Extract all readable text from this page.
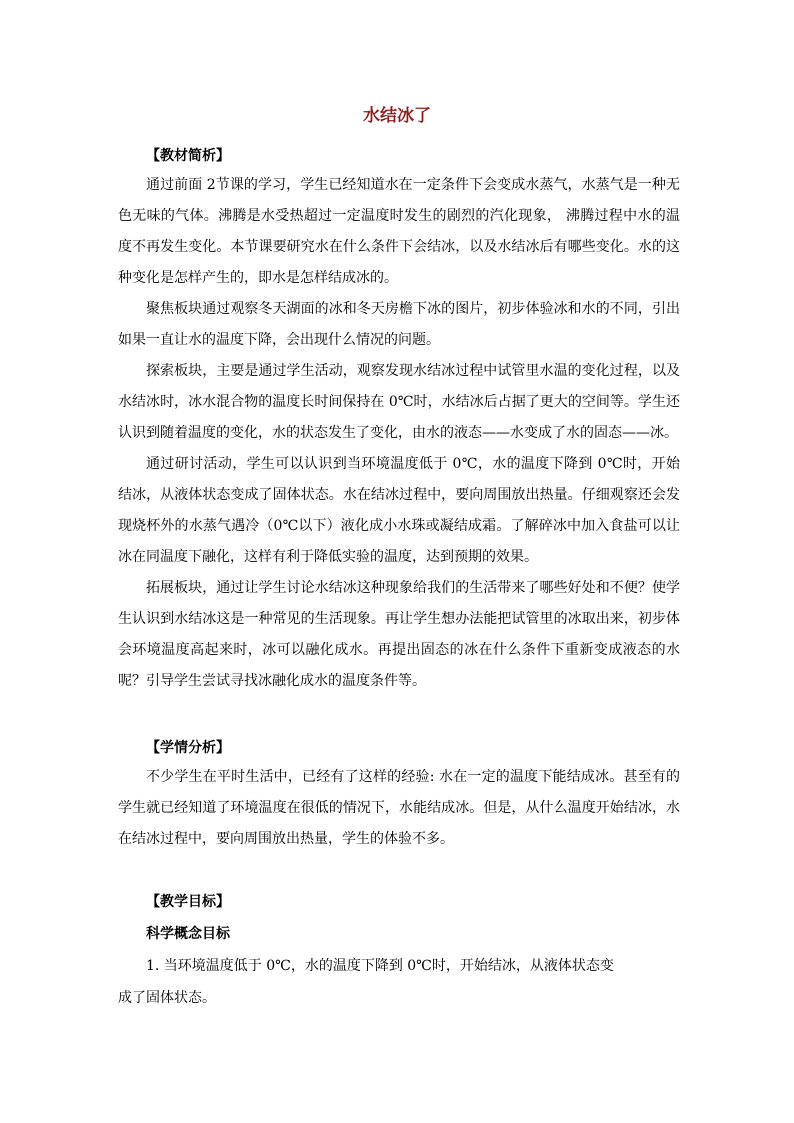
水结冰了
【教材简析】
通过前面 2节课的学习，学生已经知道水在一定条件下会变成水蒸气，水蒸气是一种无色无味的气体。沸腾是水受热超过一定温度时发生的剧烈的汽化现象， 沸腾过程中水的温度不再发生变化。本节课要研究水在什么条件下会结冰，以及水结冰后有哪些变化。水的这种变化是怎样产生的，即水是怎样结成冰的。
聚焦板块通过观察冬天湖面的冰和冬天房檐下冰的图片，初步体验冰和水的不同，引出如果一直让水的温度下降，会出现什么情况的问题。
探索板块，主要是通过学生活动，观察发现水结冰过程中试管里水温的变化过程，以及水结冰时，冰水混合物的温度长时间保持在 0℃时，水结冰后占据了更大的空间等。学生还认识到随着温度的变化，水的状态发生了变化，由水的液态——水变成了水的固态——冰。
通过研讨活动，学生可以认识到当环境温度低于 0℃，水的温度下降到 0℃时，开始结冰，从液体状态变成了固体状态。水在结冰过程中，要向周围放出热量。仔细观察还会发现烧杯外的水蒸气遇冷（0℃以下）液化成小水珠或凝结成霜。了解碎冰中加入食盐可以让冰在同温度下融化，这样有利于降低实验的温度，达到预期的效果。
拓展板块，通过让学生讨论水结冰这种现象给我们的生活带来了哪些好处和不便？使学生认识到水结冰这是一种常见的生活现象。再让学生想办法能把试管里的冰取出来，初步体会环境温度高起来时，冰可以融化成水。再提出固态的冰在什么条件下重新变成液态的水呢？引导学生尝试寻找冰融化成水的温度条件等。
【学情分析】
不少学生在平时生活中，已经有了这样的经验: 水在一定的温度下能结成冰。甚至有的学生就已经知道了环境温度在很低的情况下，水能结成冰。但是，从什么温度开始结冰，水在结冰过程中，要向周围放出热量，学生的体验不多。
【教学目标】
科学概念目标
1. 当环境温度低于 0℃，水的温度下降到 0℃时，开始结冰，从液体状态变
成了固体状态。
